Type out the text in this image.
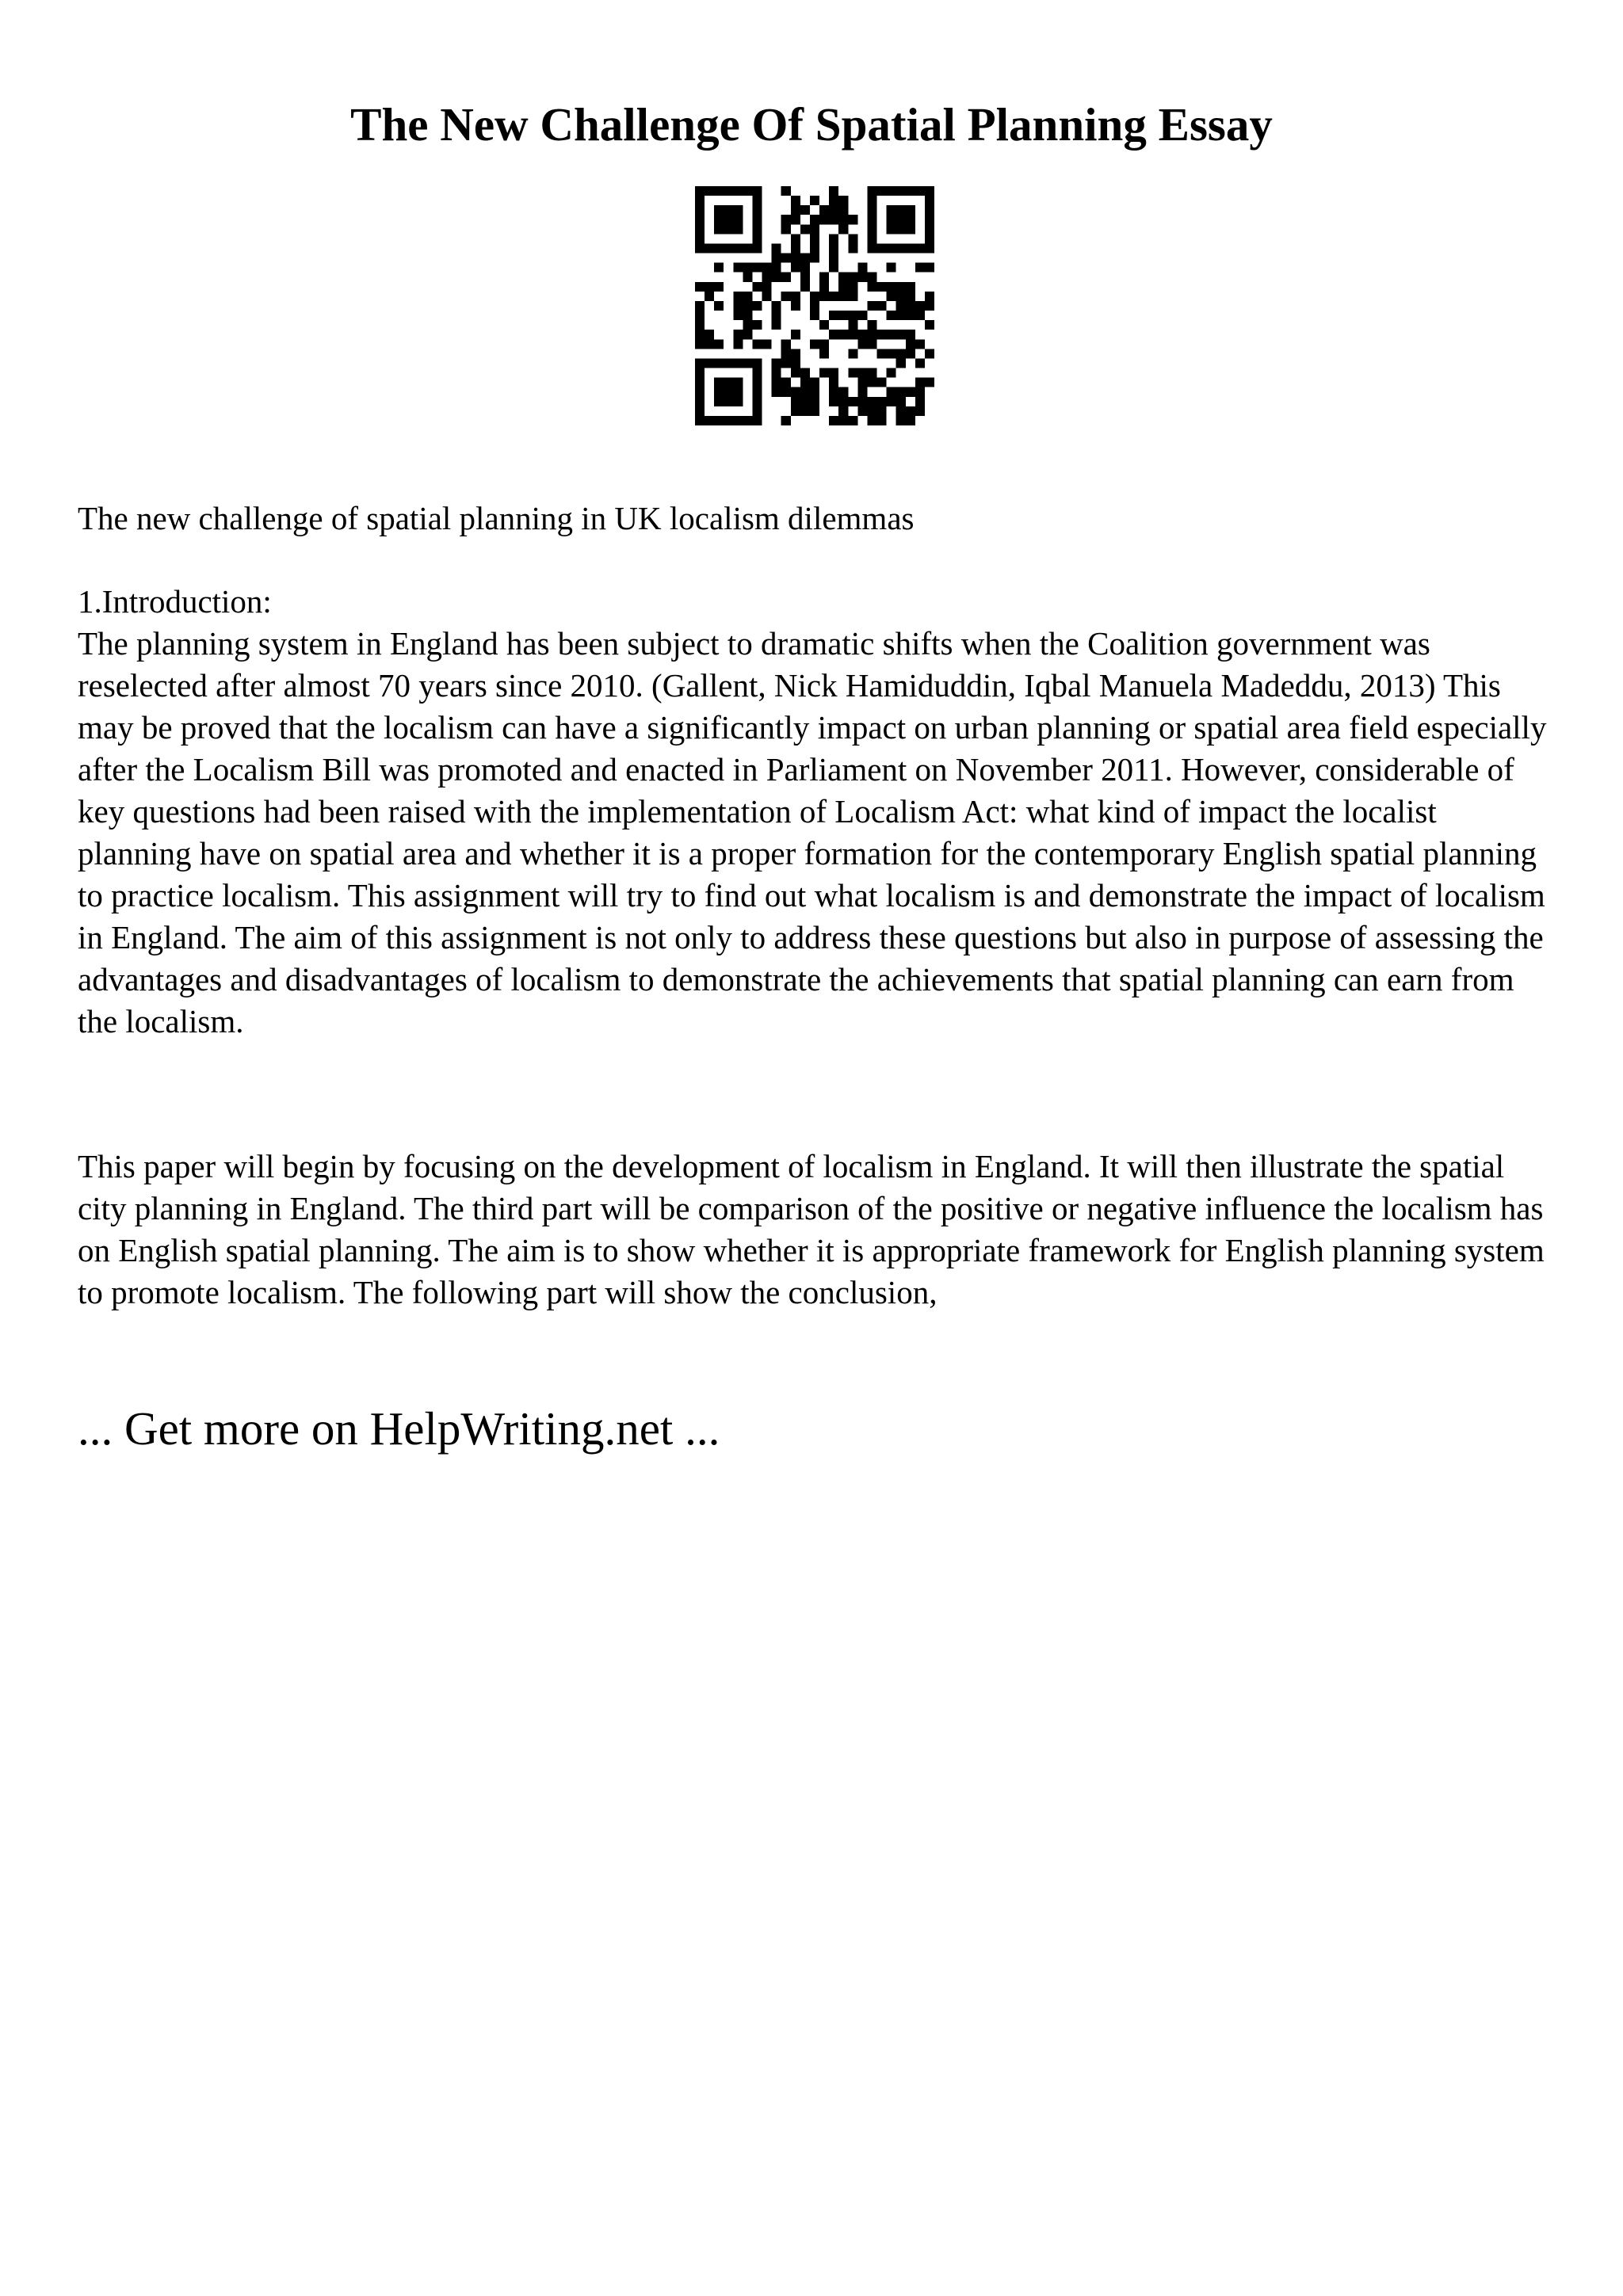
The New Challenge Of Spatial Planning Essay

The new challenge of spatial planning in UK localism dilemmas

1.Introduction:

The planning system in England has been subject to dramatic shifts when the Coalition government was reselected after almost 70 years since 2010. (Gallent, Nick Hamiduddin, Iqbal Manuela Madeddu, 2013) This may be proved that the localism can have a significantly impact on urban planning or spatial area field especially after the Localism Bill was promoted and enacted in Parliament on November 2011. However, considerable of key questions had been raised with the implementation of Localism Act: what kind of impact the localist planning have on spatial area and whether it is a proper formation for the contemporary English spatial planning to practice localism. This assignment will try to find out what localism is and demonstrate the impact of localism in England. The aim of this assignment is not only to address these questions but also in purpose of assessing the advantages and disadvantages of localism to demonstrate the achievements that spatial planning can earn from the localism.

This paper will begin by focusing on the development of localism in England. It will then illustrate the spatial city planning in England. The third part will be comparison of the positive or negative influence the localism has on English spatial planning. The aim is to show whether it is appropriate framework for English planning system to promote localism. The following part will show the conclusion,

... Get more on HelpWriting.net ...
